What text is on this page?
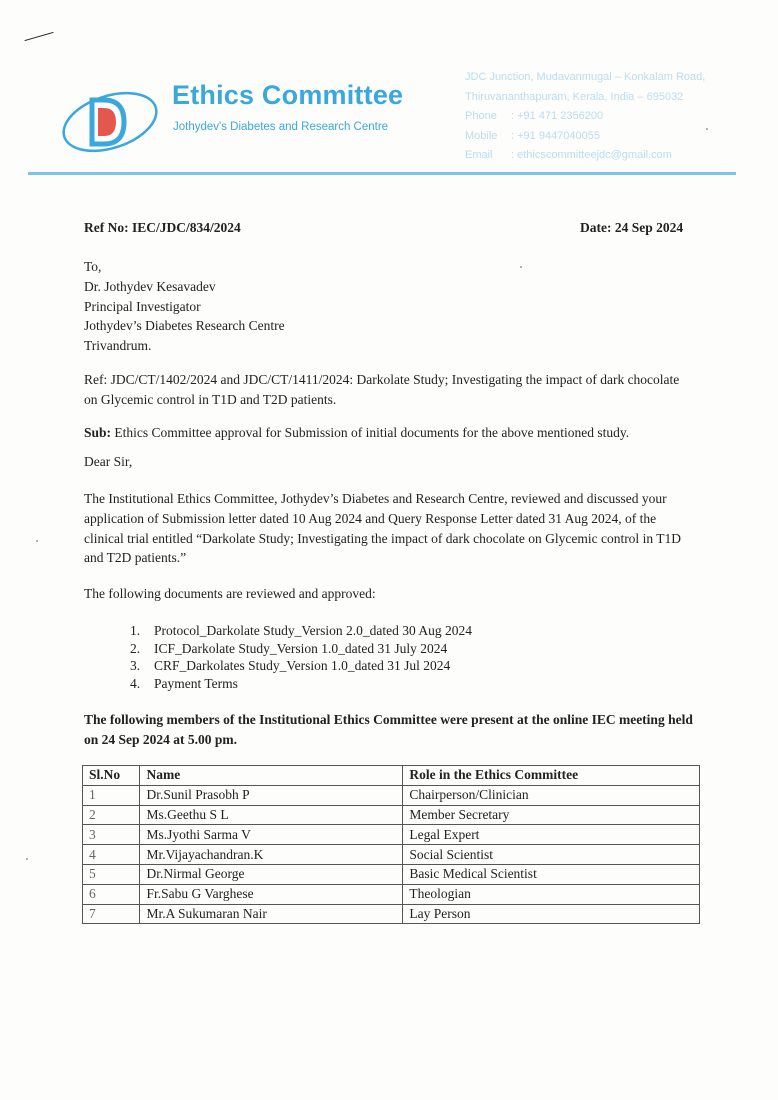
Ethics Committee
Jothydev's Diabetes and Research Centre
JDC Junction, Mudavanmugal – Konkalam Road,
Thiruvananthapuram, Kerala, India – 695032
Phone : +91 471 2356200
Mobile : +91 9447040055
Email : ethicscommitteejdc@gmail.com
Ref No: IEC/JDC/834/2024	Date: 24 Sep 2024
To,
Dr. Jothydev Kesavadev
Principal Investigator
Jothydev’s Diabetes Research Centre
Trivandrum.
Ref: JDC/CT/1402/2024 and JDC/CT/1411/2024: Darkolate Study; Investigating the impact of dark chocolate on Glycemic control in T1D and T2D patients.
Sub: Ethics Committee approval for Submission of initial documents for the above mentioned study.
Dear Sir,
The Institutional Ethics Committee, Jothydev’s Diabetes and Research Centre, reviewed and discussed your application of Submission letter dated 10 Aug 2024 and Query Response Letter dated 31 Aug 2024, of the clinical trial entitled “Darkolate Study; Investigating the impact of dark chocolate on Glycemic control in T1D and T2D patients.”
The following documents are reviewed and approved:
1. Protocol_Darkolate Study_Version 2.0_dated 30 Aug 2024
2. ICF_Darkolate Study_Version 1.0_dated 31 July 2024
3. CRF_Darkolates Study_Version 1.0_dated 31 Jul 2024
4. Payment Terms
The following members of the Institutional Ethics Committee were present at the online IEC meeting held on 24 Sep 2024 at 5.00 pm.
Sl.No	Name	Role in the Ethics Committee
1	Dr.Sunil Prasobh P	Chairperson/Clinician
2	Ms.Geethu S L	Member Secretary
3	Ms.Jyothi Sarma V	Legal Expert
4	Mr.Vijayachandran.K	Social Scientist
5	Dr.Nirmal George	Basic Medical Scientist
6	Fr.Sabu G Varghese	Theologian
7	Mr.A Sukumaran Nair	Lay Person
